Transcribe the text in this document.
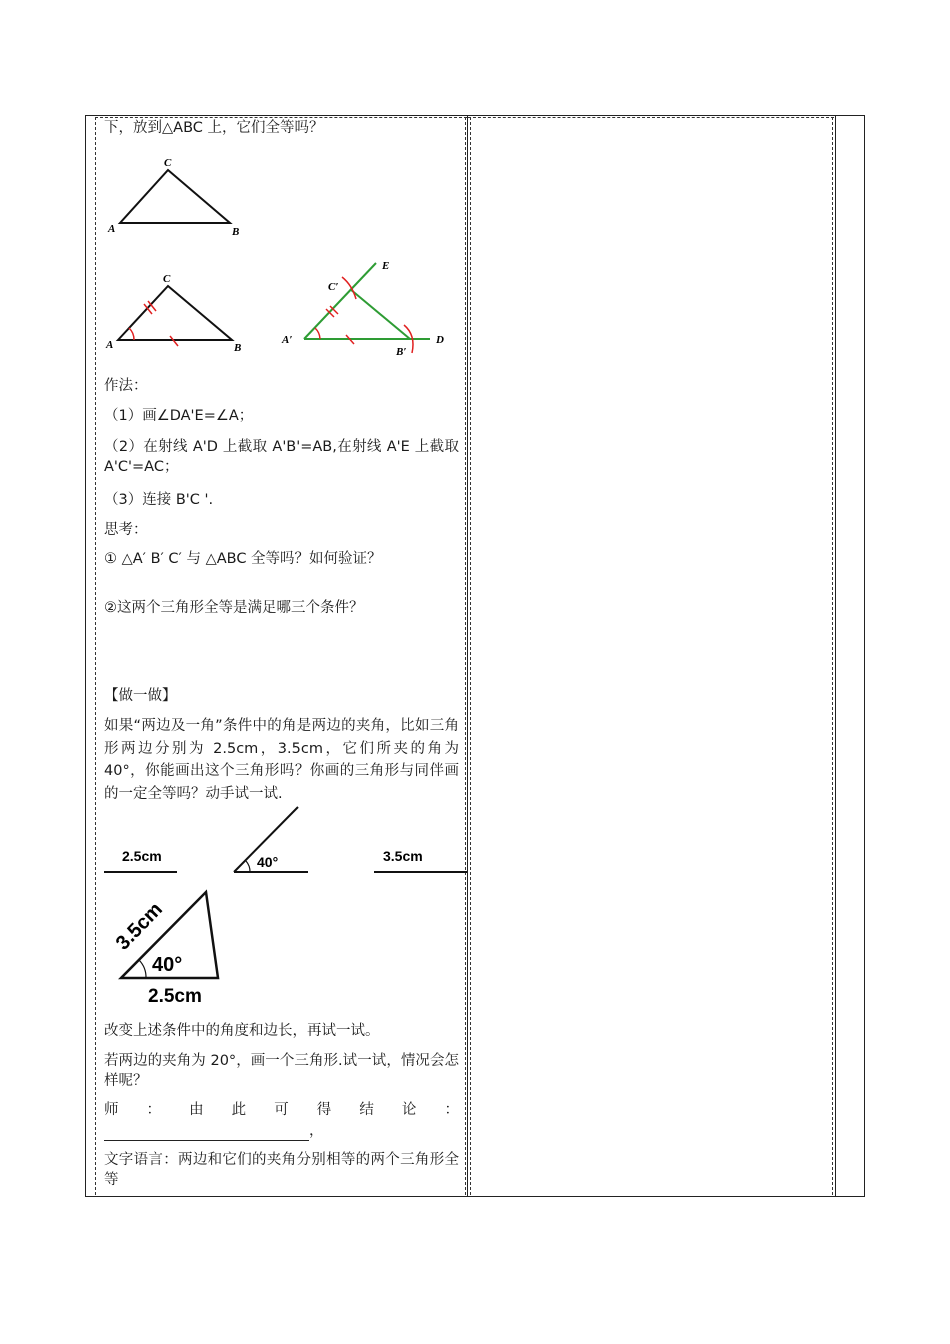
下，放到△ABC 上，它们全等吗？
A
C
B
A
C
B
A′
C′
B′
D
E
作法：
（1）画∠DA'E=∠A；
（2）在射线 A'D 上截取 A'B'=AB,在射线 A'E 上截取 A'C'=AC；
（3）连接 B'C '.
思考：
① △A′ B′ C′ 与 △ABC 全等吗？如何验证？
②这两个三角形全等是满足哪三个条件？
【做一做】
如果“两边及一角”条件中的角是两边的夹角，比如三角形两边分别为 2.5cm，3.5cm，它们所夹的角为 40°，你能画出这个三角形吗？你画的三角形与同伴画的一定全等吗？动手试一试.
2.5cm	40°	3.5cm
40°
2.5cm
3.5cm
改变上述条件中的角度和边长，再试一试。
若两边的夹角为 20°，画一个三角形.试一试，情况会怎样呢？
师 ： 由 此 可 得 结 论 ：
，
文字语言：两边和它们的夹角分别相等的两个三角形全等
